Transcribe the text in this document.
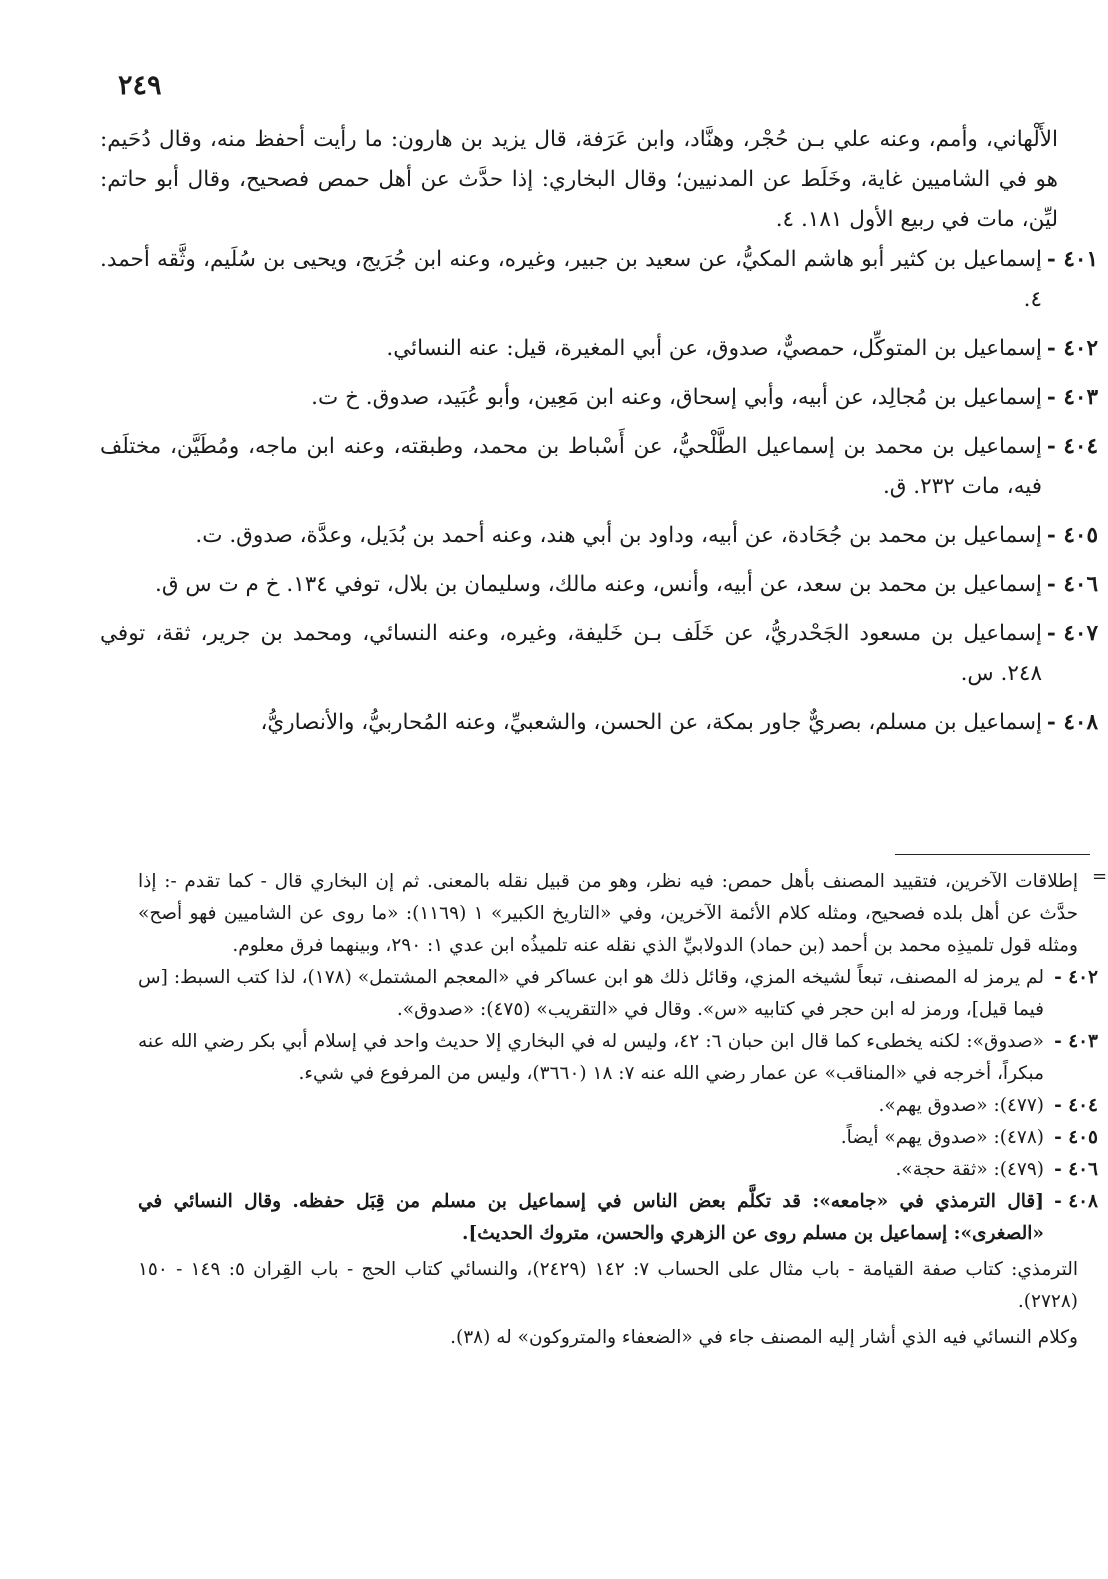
٢٤٩

الأَلْهاني، وأمم، وعنه علي بـن حُجْر، وهنَّاد، وابن عَرَفة، قال يزيد بن هارون: ما رأيت أحفظ منه، وقال دُحَيم: هو في الشاميين غاية، وخَلَط عن المدنيين؛ وقال البخاري: إذا حدَّث عن أهل حمص فصحيح، وقال أبو حاتم: ليِّن، مات في ربيع الأول ١٨١. ٤.

٤٠١ -
إسماعيل بن كثير أبو هاشم المكيُّ، عن سعيد بن جبير، وغيره، وعنه ابن جُرَيج، ويحيى بن سُلَيم، وثَّقه أحمد. ٤.
٤٠٢ -
إسماعيل بن المتوكِّل، حمصيٌّ، صدوق، عن أبي المغيرة، قيل: عنه النسائي.
٤٠٣ -
إسماعيل بن مُجالِد، عن أبيه، وأبي إسحاق، وعنه ابن مَعِين، وأبو عُبَيد، صدوق. خ ت.
٤٠٤ -
إسماعيل بن محمد بن إسماعيل الطَّلْحيُّ، عن أَسْباط بن محمد، وطبقته، وعنه ابن ماجه، ومُطَيَّن، مختلَف فيه، مات ٢٣٢. ق.
٤٠٥ -
إسماعيل بن محمد بن جُحَادة، عن أبيه، وداود بن أبي هند، وعنه أحمد بن بُدَيل، وعدَّة، صدوق. ت.
٤٠٦ -
إسماعيل بن محمد بن سعد، عن أبيه، وأنس، وعنه مالك، وسليمان بن بلال، توفي ١٣٤. خ م ت س ق.
٤٠٧ -
إسماعيل بن مسعود الجَحْدريُّ، عن خَلَف بـن خَليفة، وغيره، وعنه النسائي، ومحمد بن جرير، ثقة، توفي ٢٤٨. س.
٤٠٨ -
إسماعيل بن مسلم، بصريٌّ جاور بمكة، عن الحسن، والشعبيِّ، وعنه المُحاربيُّ، والأنصاريُّ،
=
إطلاقات الآخرين، فتقييد المصنف بأهل حمص: فيه نظر، وهو من قبيل نقله بالمعنى. ثم إن البخاري قال - كما تقدم -: إذا حدَّث عن أهل بلده فصحيح، ومثله كلام الأئمة الآخرين، وفي «التاريخ الكبير» ١ (١١٦٩): «ما روى عن الشاميين فهو أصح» ومثله قول تلميذِه محمد بن أحمد (بن حماد) الدولابيِّ الذي نقله عنه تلميذُه ابن عدي ١: ٢٩٠، وبينهما فرق معلوم.
٤٠٢ -
لم يرمز له المصنف، تبعاً لشيخه المزي، وقائل ذلك هو ابن عساكر في «المعجم المشتمل» (١٧٨)، لذا كتب السبط: [س فيما قيل]، ورمز له ابن حجر في كتابيه «س». وقال في «التقريب» (٤٧٥): «صدوق».
٤٠٣ -
«صدوق»: لكنه يخطىء كما قال ابن حبان ٦: ٤٢، وليس له في البخاري إلا حديث واحد في إسلام أبي بكر رضي الله عنه مبكراً، أخرجه في «المناقب» عن عمار رضي الله عنه ٧: ١٨ (٣٦٦٠)، وليس من المرفوع في شيء.
٤٠٤ -
(٤٧٧): «صدوق يهم».
٤٠٥ -
(٤٧٨): «صدوق يهم» أيضاً.
٤٠٦ -
(٤٧٩): «ثقة حجة».
٤٠٨ -
[قال الترمذي في «جامعه»: قد تكلَّم بعض الناس في إسماعيل بن مسلم من قِبَل حفظه. وقال النسائي في «الصغرى»: إسماعيل بن مسلم روى عن الزهري والحسن، متروك الحديث].
الترمذي: كتاب صفة القيامة - باب مثال على الحساب ٧: ١٤٢ (٢٤٢٩)، والنسائي كتاب الحج - باب القِران ٥: ١٤٩ - ١٥٠ (٢٧٢٨).
وكلام النسائي فيه الذي أشار إليه المصنف جاء في «الضعفاء والمتروكون» له (٣٨).
